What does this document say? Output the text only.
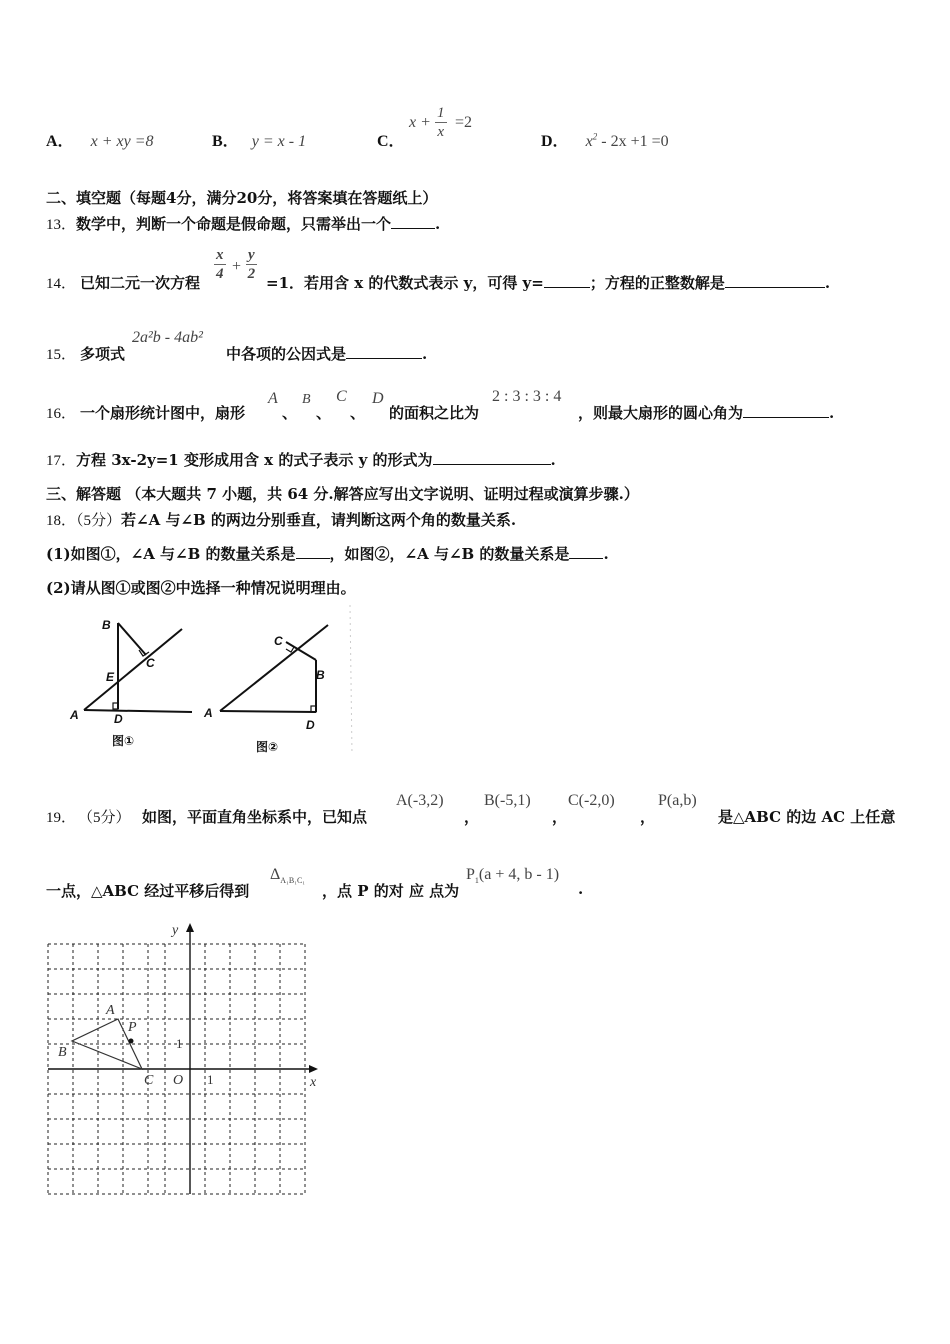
A． x + xy =8	B． y = x - 1	C．
$x + \frac{1}{x} =2$
D． $x^2 - 2x +1 =0$
二、填空题（每题4分，满分20分，将答案填在答题纸上）
13．数学中，判断一个命题是假命题，只需举出一个	.
14． 已知二元一次方程 $\frac{x}{4} + \frac{y}{2} =1$．若用含 x 的代数式表示 y，可得 y=	；方程的正整数解是	.
15． 多项式
2a²b - 4ab²
中各项的公因式是	.
16． 一个扇形统计图中，扇形
A
、
B
、
C
、
D
的面积之比为
2 : 3 : 3 : 4
，则最大扇形的圆心角为	.
17．方程 3x-2y=1 变形成用含 x 的式子表示 y 的形式为	.
三、解答题 （本大题共 7 小题，共 64 分.解答应写出文字说明、证明过程或演算步骤.）
18．（5分）若∠A 与∠B 的两边分别垂直，请判断这两个角的数量关系.
(1)如图①，∠A 与∠B 的数量关系是 ，如图②，∠A 与∠B 的数量关系是 .
(2)请从图①或图②中选择一种情况说明理由。
B
E
C
A	D
C
B
A
D
图①	图②
19． （5分） 如图，平面直角坐标系中，已知点
A(-3,2)
，
B(-5,1)
，
C(-2,0)
，
P(a,b)
是△ABC 的边 AC 上任意
一点，△ABC 经过平移后得到
$\Delta_{A_1B_1C_1}$
，点 P 的对 应 点为
$P_1(a + 4$, b - 1)
.
y
x
O
A
B
C
P
1
1
